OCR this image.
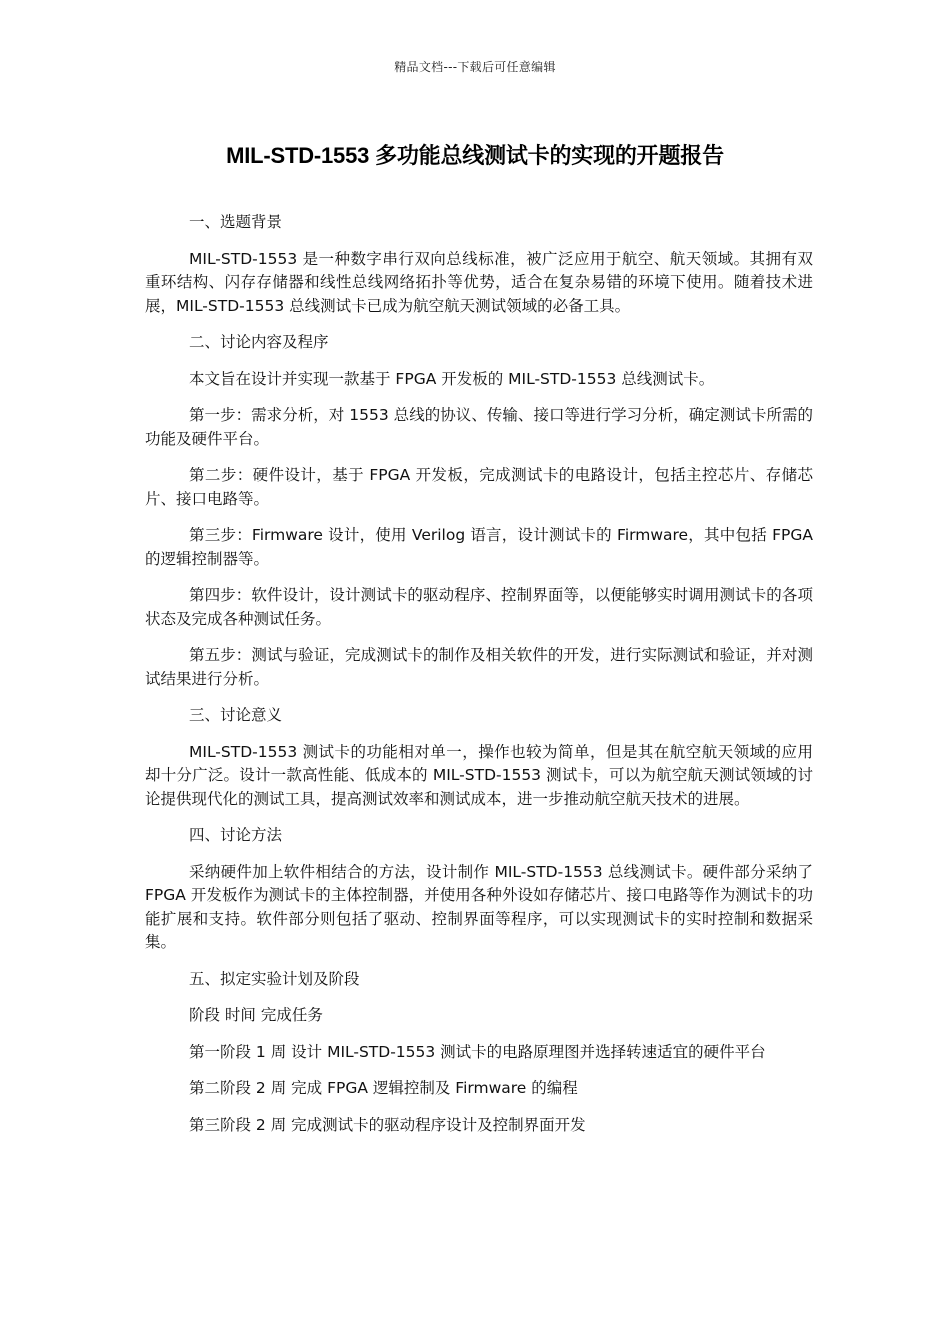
精品文档---下载后可任意编辑
MIL-STD-1553 多功能总线测试卡的实现的开题报告

一、选题背景

MIL-STD-1553 是一种数字串行双向总线标准，被广泛应用于航空、航天领域。其拥有双重环结构、闪存存储器和线性总线网络拓扑等优势，适合在复杂易错的环境下使用。随着技术进展，MIL-STD-1553 总线测试卡已成为航空航天测试领域的必备工具。

二、讨论内容及程序

本文旨在设计并实现一款基于 FPGA 开发板的 MIL-STD-1553 总线测试卡。

第一步：需求分析，对 1553 总线的协议、传输、接口等进行学习分析，确定测试卡所需的功能及硬件平台。

第二步：硬件设计，基于 FPGA 开发板，完成测试卡的电路设计，包括主控芯片、存储芯片、接口电路等。

第三步：Firmware 设计，使用 Verilog 语言，设计测试卡的 Firmware，其中包括 FPGA 的逻辑控制器等。

第四步：软件设计，设计测试卡的驱动程序、控制界面等，以便能够实时调用测试卡的各项状态及完成各种测试任务。

第五步：测试与验证，完成测试卡的制作及相关软件的开发，进行实际测试和验证，并对测试结果进行分析。

三、讨论意义

MIL-STD-1553 测试卡的功能相对单一，操作也较为简单，但是其在航空航天领域的应用却十分广泛。设计一款高性能、低成本的 MIL-STD-1553 测试卡，可以为航空航天测试领域的讨论提供现代化的测试工具，提高测试效率和测试成本，进一步推动航空航天技术的进展。

四、讨论方法

采纳硬件加上软件相结合的方法，设计制作 MIL-STD-1553 总线测试卡。硬件部分采纳了 FPGA 开发板作为测试卡的主体控制器，并使用各种外设如存储芯片、接口电路等作为测试卡的功能扩展和支持。软件部分则包括了驱动、控制界面等程序，可以实现测试卡的实时控制和数据采集。

五、拟定实验计划及阶段

阶段 时间 完成任务

第一阶段 1 周 设计 MIL-STD-1553 测试卡的电路原理图并选择转速适宜的硬件平台

第二阶段 2 周 完成 FPGA 逻辑控制及 Firmware 的编程

第三阶段 2 周 完成测试卡的驱动程序设计及控制界面开发
